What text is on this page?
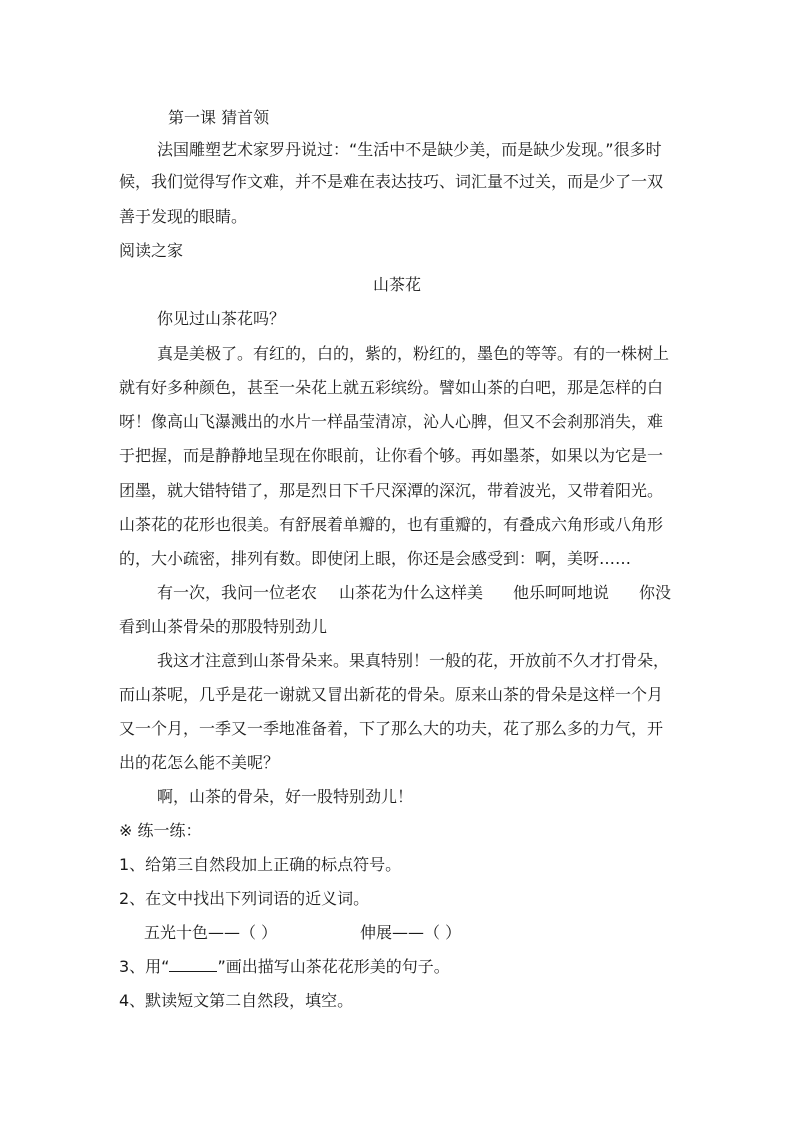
第一课 猜首领
法国雕塑艺术家罗丹说过：“生活中不是缺少美，而是缺少发现。”很多时
候，我们觉得写作文难，并不是难在表达技巧、词汇量不过关，而是少了一双
善于发现的眼睛。
阅读之家
山茶花
你见过山茶花吗？
真是美极了。有红的，白的，紫的，粉红的，墨色的等等。有的一株树上
就有好多种颜色，甚至一朵花上就五彩缤纷。譬如山茶的白吧，那是怎样的白
呀！像高山飞瀑溅出的水片一样晶莹清凉，沁人心脾，但又不会刹那消失，难
于把握，而是静静地呈现在你眼前，让你看个够。再如墨茶，如果以为它是一
团墨，就大错特错了，那是烈日下千尺深潭的深沉，带着波光，又带着阳光。
山茶花的花形也很美。有舒展着单瓣的，也有重瓣的，有叠成六角形或八角形
的，大小疏密，排列有数。即使闭上眼，你还是会感受到：啊，美呀……
有一次，我问一位老农 山茶花为什么这样美 他乐呵呵地说 你没
看到山茶骨朵的那股特别劲儿
我这才注意到山茶骨朵来。果真特别！一般的花，开放前不久才打骨朵，
而山茶呢，几乎是花一谢就又冒出新花的骨朵。原来山茶的骨朵是这样一个月
又一个月，一季又一季地准备着，下了那么大的功夫，花了那么多的力气，开
出的花怎么能不美呢？
啊，山茶的骨朵，好一股特别劲儿！
※ 练一练：
1、给第三自然段加上正确的标点符号。
2、在文中找出下列词语的近义词。
五光十色——（ ）	伸展——（ ）
3、用“	”画出描写山茶花花形美的句子。
4、默读短文第二自然段，填空。
